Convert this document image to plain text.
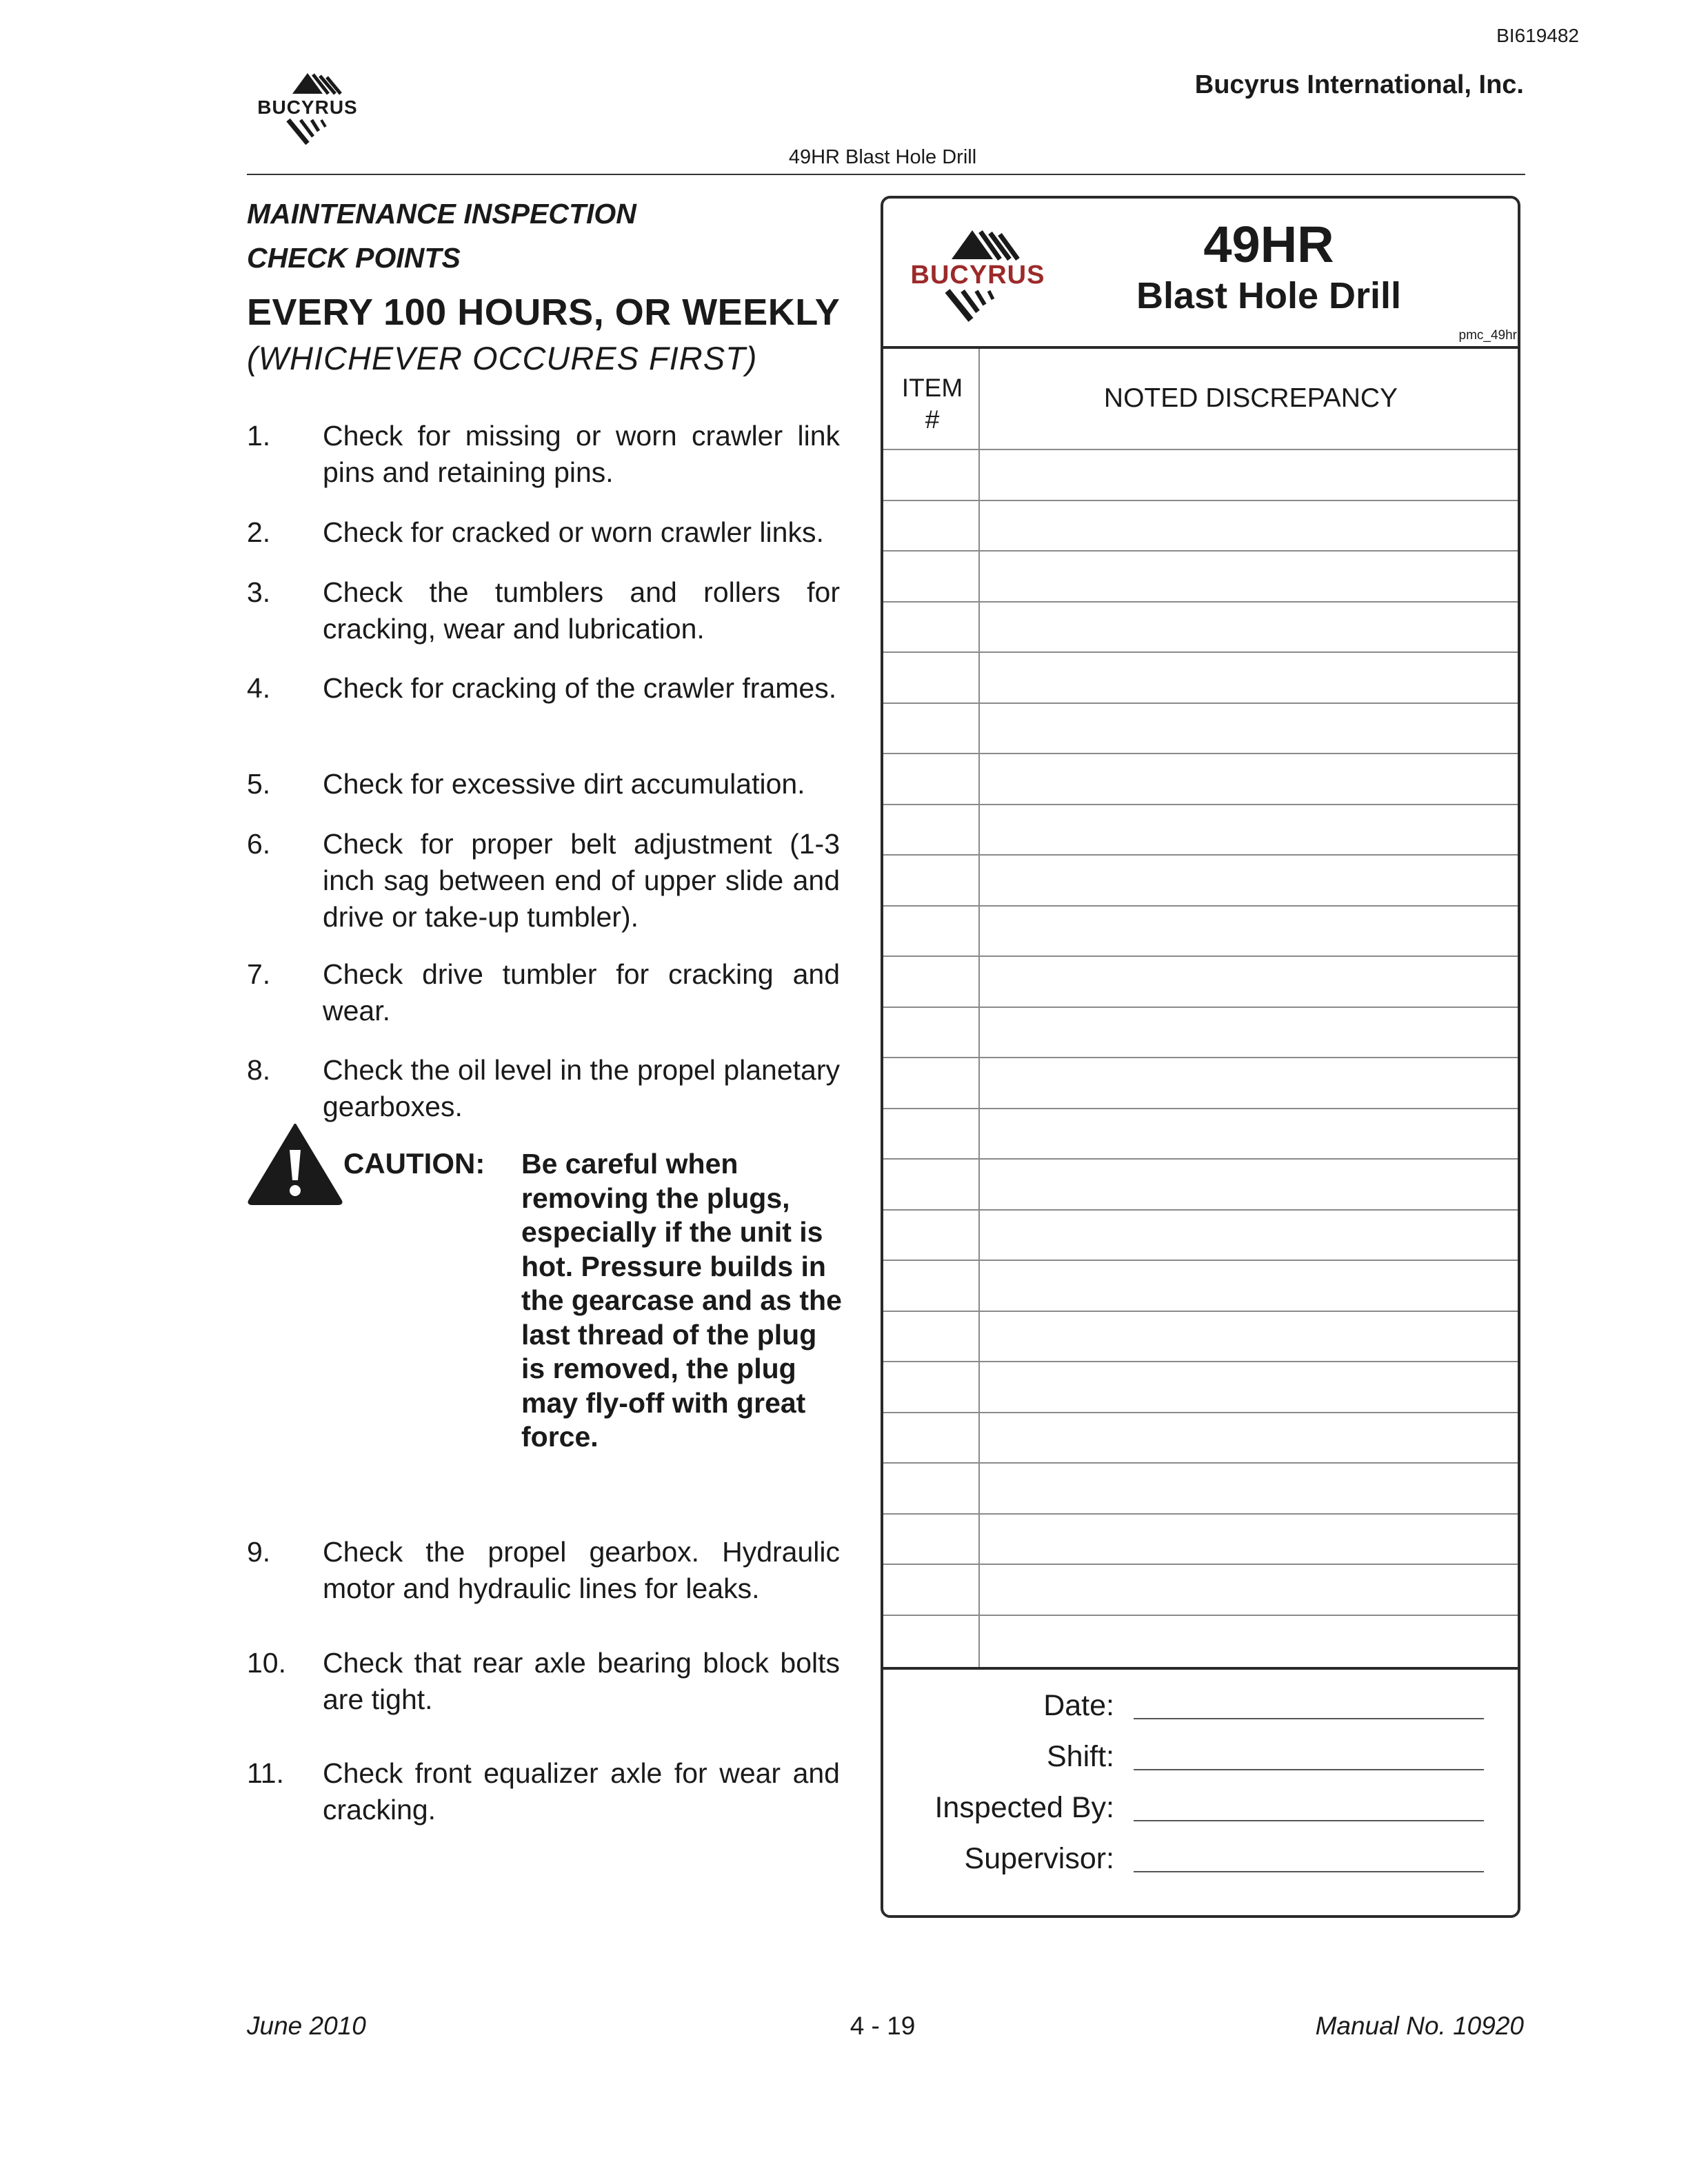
BI619482
Bucyrus International, Inc.
49HR Blast Hole Drill
BUCYRUS
MAINTENANCE INSPECTION
CHECK POINTS
EVERY 100 HOURS, OR WEEKLY
(WHICHEVER OCCURES FIRST)
1. Check for missing or worn crawler link pins and retaining pins.
2. Check for cracked or worn crawler links.
3. Check the tumblers and rollers for cracking, wear and lubrication.
4. Check for cracking of the crawler frames.
5. Check for excessive dirt accumulation.
6. Check for proper belt adjustment (1-3 inch sag between end of upper slide and drive or take-up tumbler).
7. Check drive tumbler for cracking and wear.
8. Check the oil level in the propel planetary gearboxes.
CAUTION: Be careful when removing the plugs, especially if the unit is hot. Pressure builds in the gearcase and as the last thread of the plug is removed, the plug may fly-off with great force.
9. Check the propel gearbox. Hydraulic motor and hydraulic lines for leaks.
10. Check that rear axle bearing block bolts are tight.
11. Check front equalizer axle for wear and cracking.
BUCYRUS
49HR
Blast Hole Drill
pmc_49hr
ITEM
#
NOTED DISCREPANCY
Date:
Shift:
Inspected By:
Supervisor:
June 2010	4 - 19	Manual No. 10920
